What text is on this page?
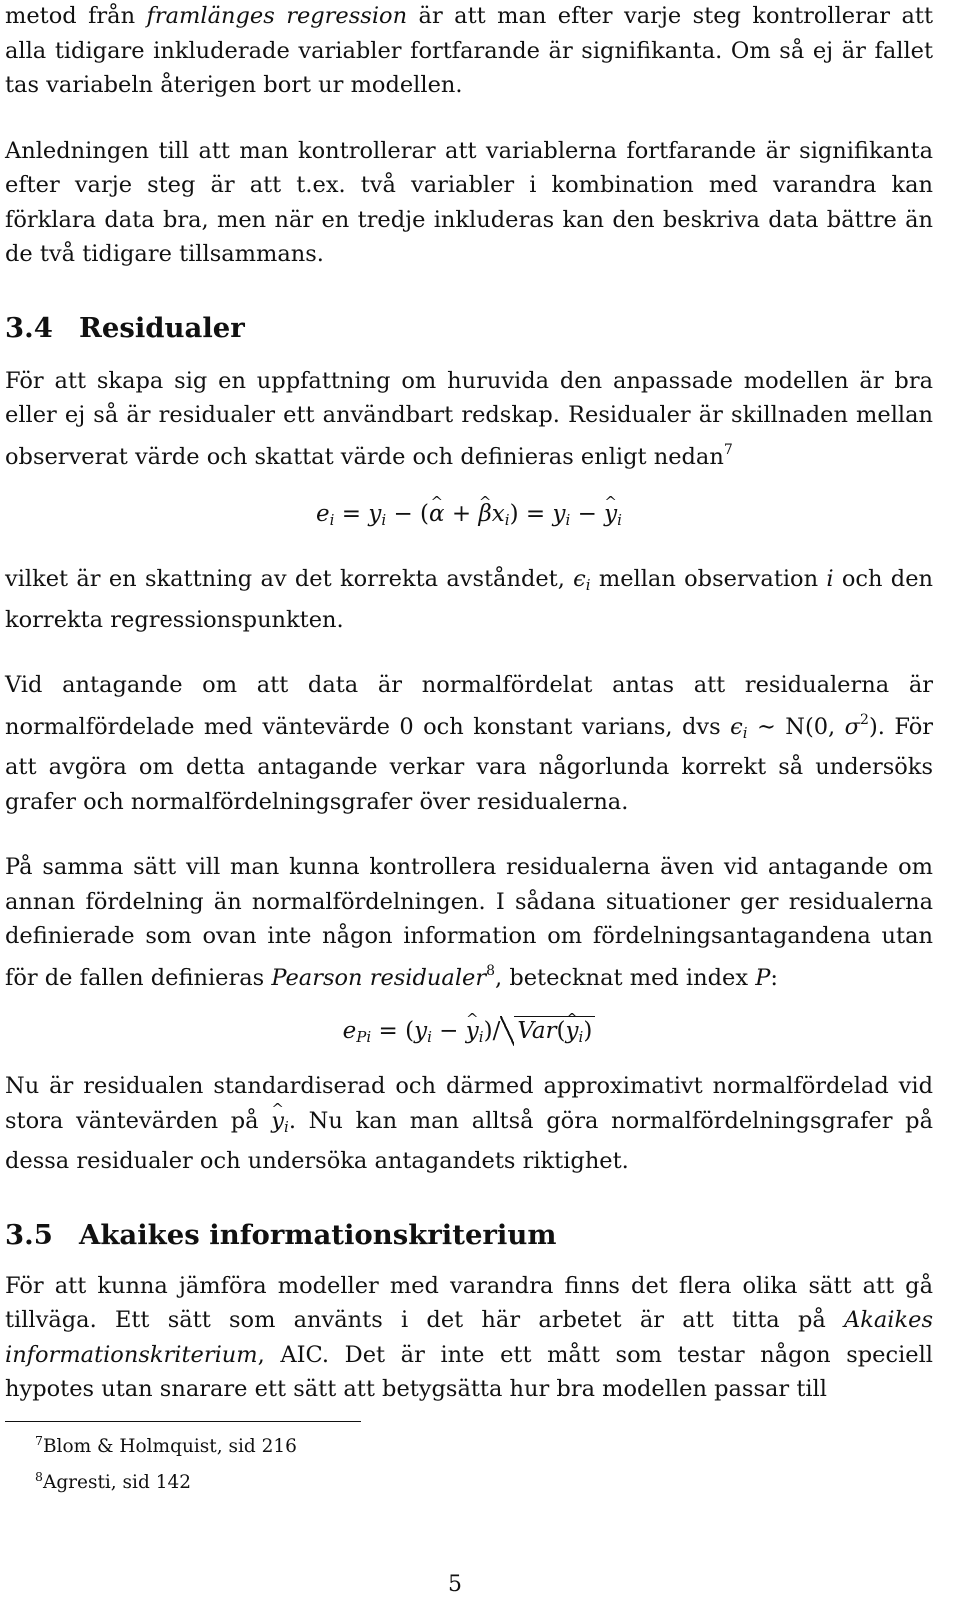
metod från framlänges regression är att man efter varje steg kontrollerar att alla tidigare inkluderade variabler fortfarande är signifikanta. Om så ej är fallet tas variabeln återigen bort ur modellen.

Anledningen till att man kontrollerar att variablerna fortfarande är signifikanta efter varje steg är att t.ex. två variabler i kombination med varandra kan förklara data bra, men när en tredje inkluderas kan den beskriva data bättre än de två tidigare tillsammans.

3.4 Residualer

För att skapa sig en uppfattning om huruvida den anpassade modellen är bra eller ej så är residualer ett användbart redskap. Residualer är skillnaden mellan observerat värde och skattat värde och definieras enligt nedan$^7$

$e_i = y_i$ − (^ α + ^ $\beta x_i) = y_i$ − ^ $y_i$

vilket är en skattning av det korrekta avståndet, $\epsilon_i$ mellan observation i och den korrekta regressionspunkten.

Vid antagande om att data är normalfördelat antas att residualerna är normalfördelade med väntevärde 0 och konstant varians, dvs $\epsilon_i$ ∼ N(0, $\sigma^2$). För att avgöra om detta antagande verkar vara någorlunda korrekt så undersöks grafer och normalfördelningsgrafer över residualerna.

På samma sätt vill man kunna kontrollera residualerna även vid antagande om annan fördelning än normalfördelningen. I sådana situationer ger residualerna definierade som ovan inte någon information om fördelningsantagandena utan för de fallen definieras Pearson residualer$^8$, betecknat med index P:

$e_{Pi} = (y_i$ − ^ $y_i)/$ Var(^ $y_i$)

Nu är residualen standardiserad och därmed approximativt normalfördelad vid stora väntevärden på ^ $y_i$. Nu kan man alltså göra normalfördelningsgrafer på dessa residualer och undersöka antagandets riktighet.

3.5 Akaikes informationskriterium

För att kunna jämföra modeller med varandra finns det flera olika sätt att gå tillväga. Ett sätt som använts i det här arbetet är att titta på Akaikes informationskriterium, AIC. Det är inte ett mått som testar någon speciell hypotes utan snarare ett sätt att betygsätta hur bra modellen passar till

$^7$Blom & Holmquist, sid 216
$^8$Agresti, sid 142
5
